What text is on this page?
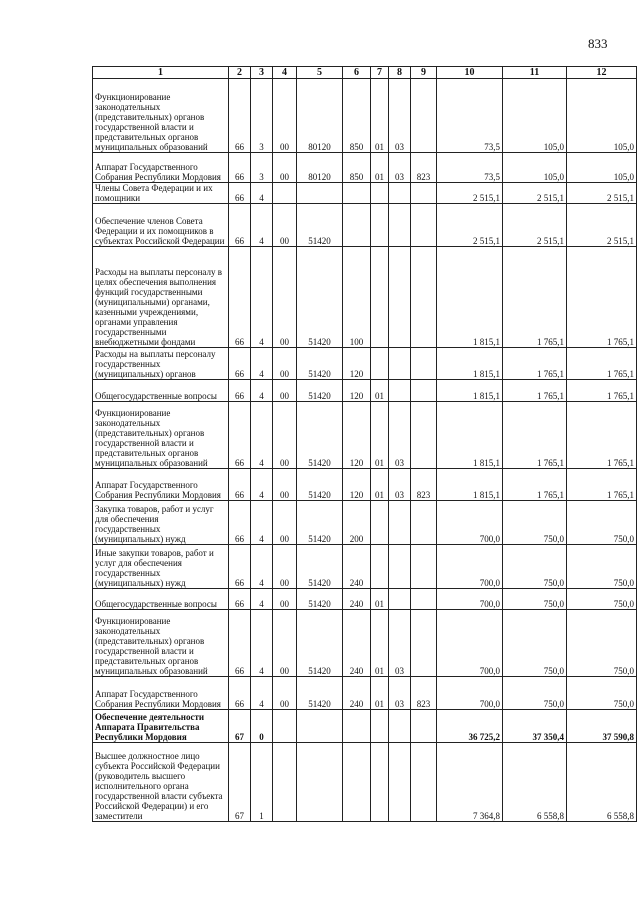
833
1	2	3	4	5	6	7	8	9	10	11	12
Функционирование законодательных (представительных) органов государственной власти и представительных органов муниципальных образований	66	3	00	80120	850	01	03		73,5	105,0	105,0
Аппарат Государственного Собрания Республики Мордовия	66	3	00	80120	850	01	03	823	73,5	105,0	105,0
Члены Совета Федерации и их помощники	66	4							2 515,1	2 515,1	2 515,1
Обеспечение членов Совета Федерации и их помощников в субъектах Российской Федерации	66	4	00	51420					2 515,1	2 515,1	2 515,1
Расходы на выплаты персоналу в целях обеспечения выполнения функций государственными (муниципальными) органами, казенными учреждениями, органами управления государственными внебюджетными фондами	66	4	00	51420	100				1 815,1	1 765,1	1 765,1
Расходы на выплаты персоналу государственных (муниципальных) органов	66	4	00	51420	120				1 815,1	1 765,1	1 765,1
Общегосударственные вопросы	66	4	00	51420	120	01			1 815,1	1 765,1	1 765,1
Функционирование законодательных (представительных) органов государственной власти и представительных органов муниципальных образований	66	4	00	51420	120	01	03		1 815,1	1 765,1	1 765,1
Аппарат Государственного Собрания Республики Мордовия	66	4	00	51420	120	01	03	823	1 815,1	1 765,1	1 765,1
Закупка товаров, работ и услуг для обеспечения государственных (муниципальных) нужд	66	4	00	51420	200				700,0	750,0	750,0
Иные закупки товаров, работ и услуг для обеспечения государственных (муниципальных) нужд	66	4	00	51420	240				700,0	750,0	750,0
Общегосударственные вопросы	66	4	00	51420	240	01			700,0	750,0	750,0
Функционирование законодательных (представительных) органов государственной власти и представительных органов муниципальных образований	66	4	00	51420	240	01	03		700,0	750,0	750,0
Аппарат Государственного Собрания Республики Мордовия	66	4	00	51420	240	01	03	823	700,0	750,0	750,0
Обеспечение деятельности Аппарата Правительства Республики Мордовия	67	0							36 725,2	37 350,4	37 590,8
Высшее должностное лицо субъекта Российской Федерации (руководитель высшего исполнительного органа государственной власти субъекта Российской Федерации) и его заместители	67	1							7 364,8	6 558,8	6 558,8
